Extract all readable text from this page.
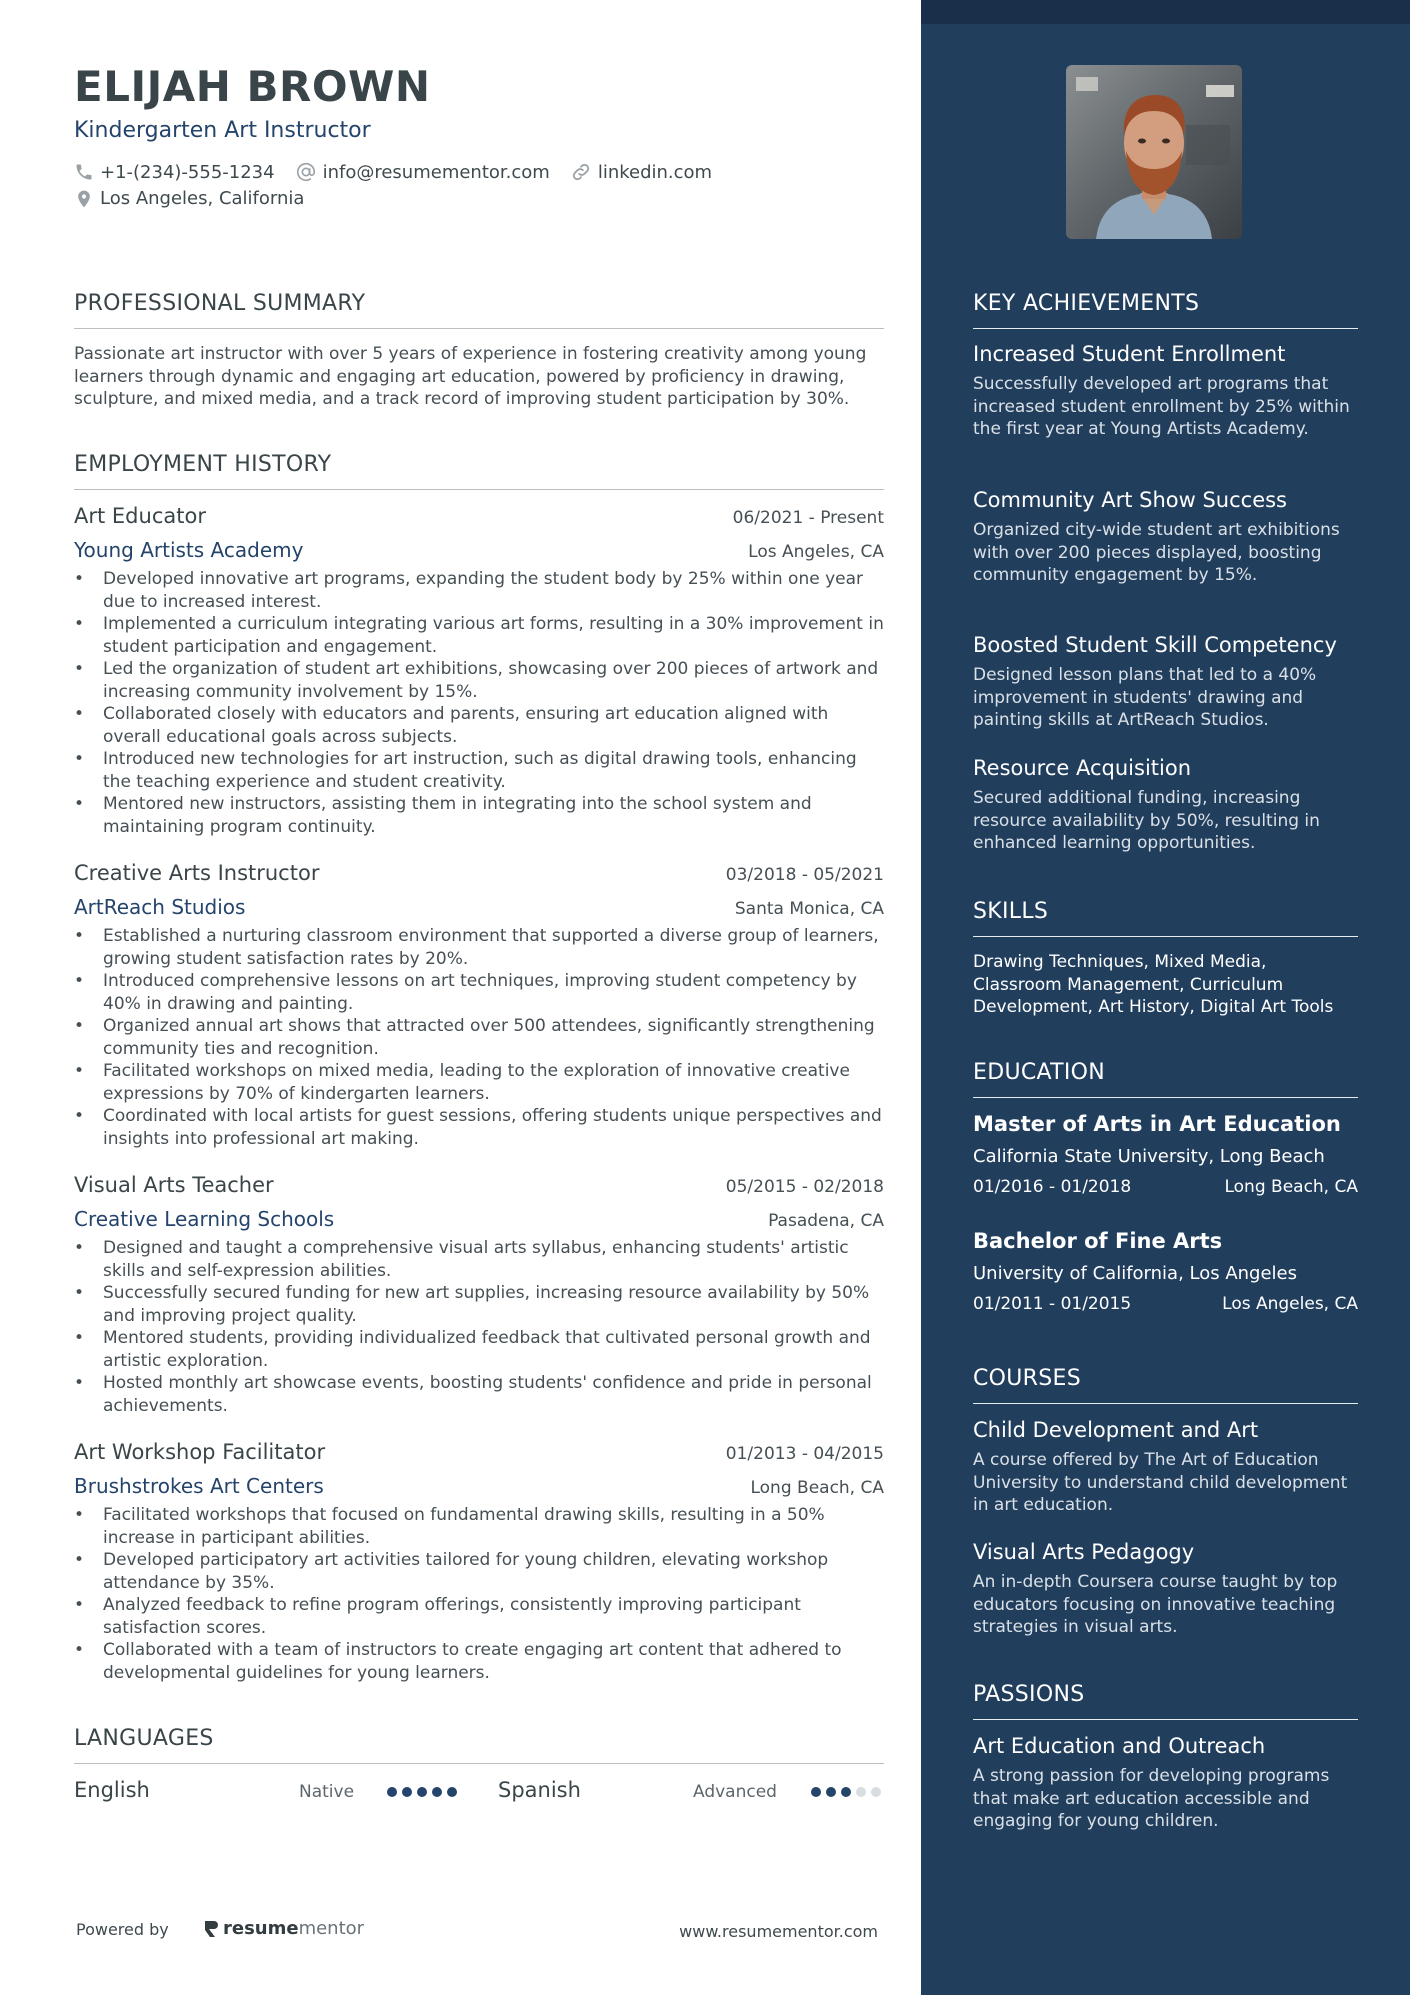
ELIJAH BROWN
Kindergarten Art Instructor
+1-(234)-555-1234	info@resumementor.com	linkedin.com
Los Angeles, California
PROFESSIONAL SUMMARY
Passionate art instructor with over 5 years of experience in fostering creativity among young learners through dynamic and engaging art education, powered by proficiency in drawing, sculpture, and mixed media, and a track record of improving student participation by 30%.
EMPLOYMENT HISTORY
Art Educator	06/2021 - Present
Young Artists Academy	Los Angeles, CA
• Developed innovative art programs, expanding the student body by 25% within one year due to increased interest.
• Implemented a curriculum integrating various art forms, resulting in a 30% improvement in student participation and engagement.
• Led the organization of student art exhibitions, showcasing over 200 pieces of artwork and increasing community involvement by 15%.
• Collaborated closely with educators and parents, ensuring art education aligned with overall educational goals across subjects.
• Introduced new technologies for art instruction, such as digital drawing tools, enhancing the teaching experience and student creativity.
• Mentored new instructors, assisting them in integrating into the school system and maintaining program continuity.
Creative Arts Instructor	03/2018 - 05/2021
ArtReach Studios	Santa Monica, CA
• Established a nurturing classroom environment that supported a diverse group of learners, growing student satisfaction rates by 20%.
• Introduced comprehensive lessons on art techniques, improving student competency by 40% in drawing and painting.
• Organized annual art shows that attracted over 500 attendees, significantly strengthening community ties and recognition.
• Facilitated workshops on mixed media, leading to the exploration of innovative creative expressions by 70% of kindergarten learners.
• Coordinated with local artists for guest sessions, offering students unique perspectives and insights into professional art making.
Visual Arts Teacher	05/2015 - 02/2018
Creative Learning Schools	Pasadena, CA
• Designed and taught a comprehensive visual arts syllabus, enhancing students' artistic skills and self-expression abilities.
• Successfully secured funding for new art supplies, increasing resource availability by 50% and improving project quality.
• Mentored students, providing individualized feedback that cultivated personal growth and artistic exploration.
• Hosted monthly art showcase events, boosting students' confidence and pride in personal achievements.
Art Workshop Facilitator	01/2013 - 04/2015
Brushstrokes Art Centers	Long Beach, CA
• Facilitated workshops that focused on fundamental drawing skills, resulting in a 50% increase in participant abilities.
• Developed participatory art activities tailored for young children, elevating workshop attendance by 35%.
• Analyzed feedback to refine program offerings, consistently improving participant satisfaction scores.
• Collaborated with a team of instructors to create engaging art content that adhered to developmental guidelines for young learners.
LANGUAGES
English	Native	Spanish	Advanced
Powered by	resume mentor	www.resumementor.com
KEY ACHIEVEMENTS
Increased Student Enrollment
Successfully developed art programs that increased student enrollment by 25% within the first year at Young Artists Academy.
Community Art Show Success
Organized city-wide student art exhibitions with over 200 pieces displayed, boosting community engagement by 15%.
Boosted Student Skill Competency
Designed lesson plans that led to a 40% improvement in students' drawing and painting skills at ArtReach Studios.
Resource Acquisition
Secured additional funding, increasing resource availability by 50%, resulting in enhanced learning opportunities.
SKILLS
Drawing Techniques, Mixed Media, Classroom Management, Curriculum Development, Art History, Digital Art Tools
EDUCATION
Master of Arts in Art Education
California State University, Long Beach
01/2016 - 01/2018	Long Beach, CA
Bachelor of Fine Arts
University of California, Los Angeles
01/2011 - 01/2015	Los Angeles, CA
COURSES
Child Development and Art
A course offered by The Art of Education University to understand child development in art education.
Visual Arts Pedagogy
An in-depth Coursera course taught by top educators focusing on innovative teaching strategies in visual arts.
PASSIONS
Art Education and Outreach
A strong passion for developing programs that make art education accessible and engaging for young children.
